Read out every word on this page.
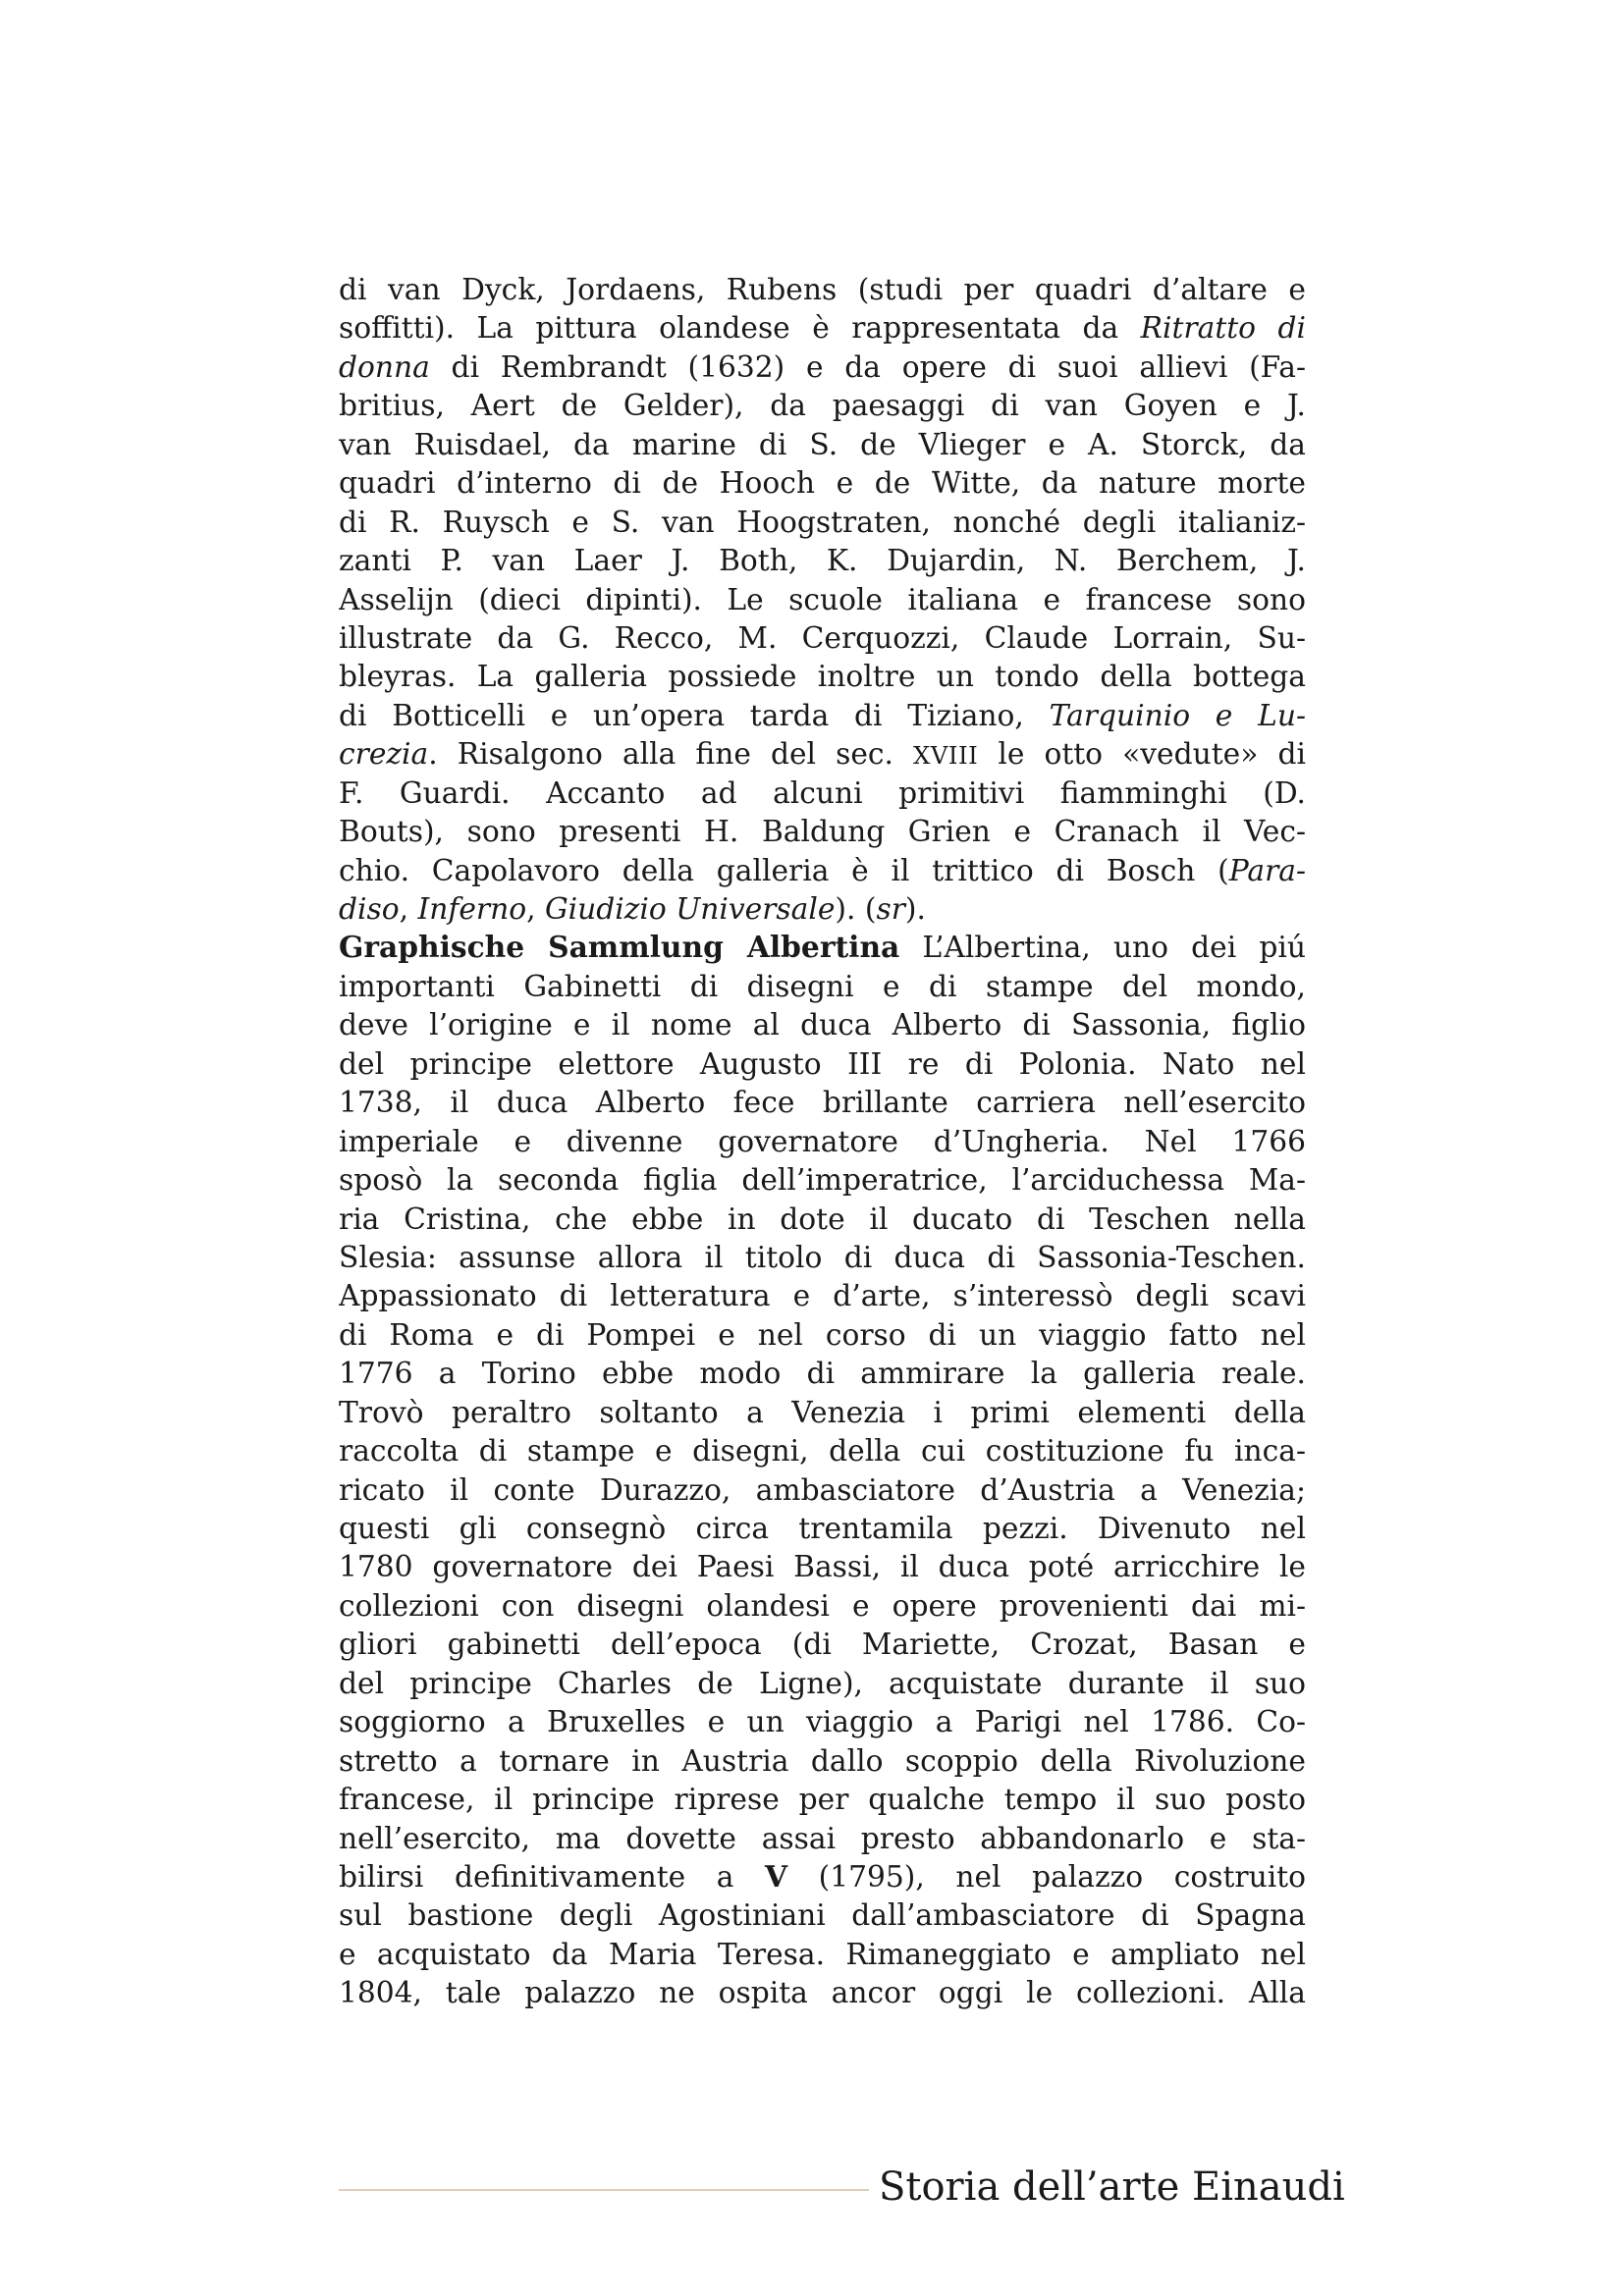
di van Dyck, Jordaens, Rubens (studi per quadri d’altare e
soffitti). La pittura olandese è rappresentata da Ritratto di
donna di Rembrandt (1632) e da opere di suoi allievi (Fa-
britius, Aert de Gelder), da paesaggi di van Goyen e J.
van Ruisdael, da marine di S. de Vlieger e A. Storck, da
quadri d’interno di de Hooch e de Witte, da nature morte
di R. Ruysch e S. van Hoogstraten, nonché degli italianiz-
zanti P. van Laer J. Both, K. Dujardin, N. Berchem, J.
Asselijn (dieci dipinti). Le scuole italiana e francese sono
illustrate da G. Recco, M. Cerquozzi, Claude Lorrain, Su-
bleyras. La galleria possiede inoltre un tondo della bottega
di Botticelli e un’opera tarda di Tiziano, Tarquinio e Lu-
crezia. Risalgono alla fine del sec. XVIII le otto «vedute» di
F. Guardi. Accanto ad alcuni primitivi fiamminghi (D.
Bouts), sono presenti H. Baldung Grien e Cranach il Vec-
chio. Capolavoro della galleria è il trittico di Bosch (Para-
diso, Inferno, Giudizio Universale). (sr).
Graphische Sammlung Albertina L’Albertina, uno dei piú
importanti Gabinetti di disegni e di stampe del mondo,
deve l’origine e il nome al duca Alberto di Sassonia, figlio
del principe elettore Augusto III re di Polonia. Nato nel
1738, il duca Alberto fece brillante carriera nell’esercito
imperiale e divenne governatore d’Ungheria. Nel 1766
sposò la seconda figlia dell’imperatrice, l’arciduchessa Ma-
ria Cristina, che ebbe in dote il ducato di Teschen nella
Slesia: assunse allora il titolo di duca di Sassonia-Teschen.
Appassionato di letteratura e d’arte, s’interessò degli scavi
di Roma e di Pompei e nel corso di un viaggio fatto nel
1776 a Torino ebbe modo di ammirare la galleria reale.
Trovò peraltro soltanto a Venezia i primi elementi della
raccolta di stampe e disegni, della cui costituzione fu inca-
ricato il conte Durazzo, ambasciatore d’Austria a Venezia;
questi gli consegnò circa trentamila pezzi. Divenuto nel
1780 governatore dei Paesi Bassi, il duca poté arricchire le
collezioni con disegni olandesi e opere provenienti dai mi-
gliori gabinetti dell’epoca (di Mariette, Crozat, Basan e
del principe Charles de Ligne), acquistate durante il suo
soggiorno a Bruxelles e un viaggio a Parigi nel 1786. Co-
stretto a tornare in Austria dallo scoppio della Rivoluzione
francese, il principe riprese per qualche tempo il suo posto
nell’esercito, ma dovette assai presto abbandonarlo e sta-
bilirsi definitivamente a V (1795), nel palazzo costruito
sul bastione degli Agostiniani dall’ambasciatore di Spagna
e acquistato da Maria Teresa. Rimaneggiato e ampliato nel
1804, tale palazzo ne ospita ancor oggi le collezioni. Alla
Storia dell’arte Einaudi
